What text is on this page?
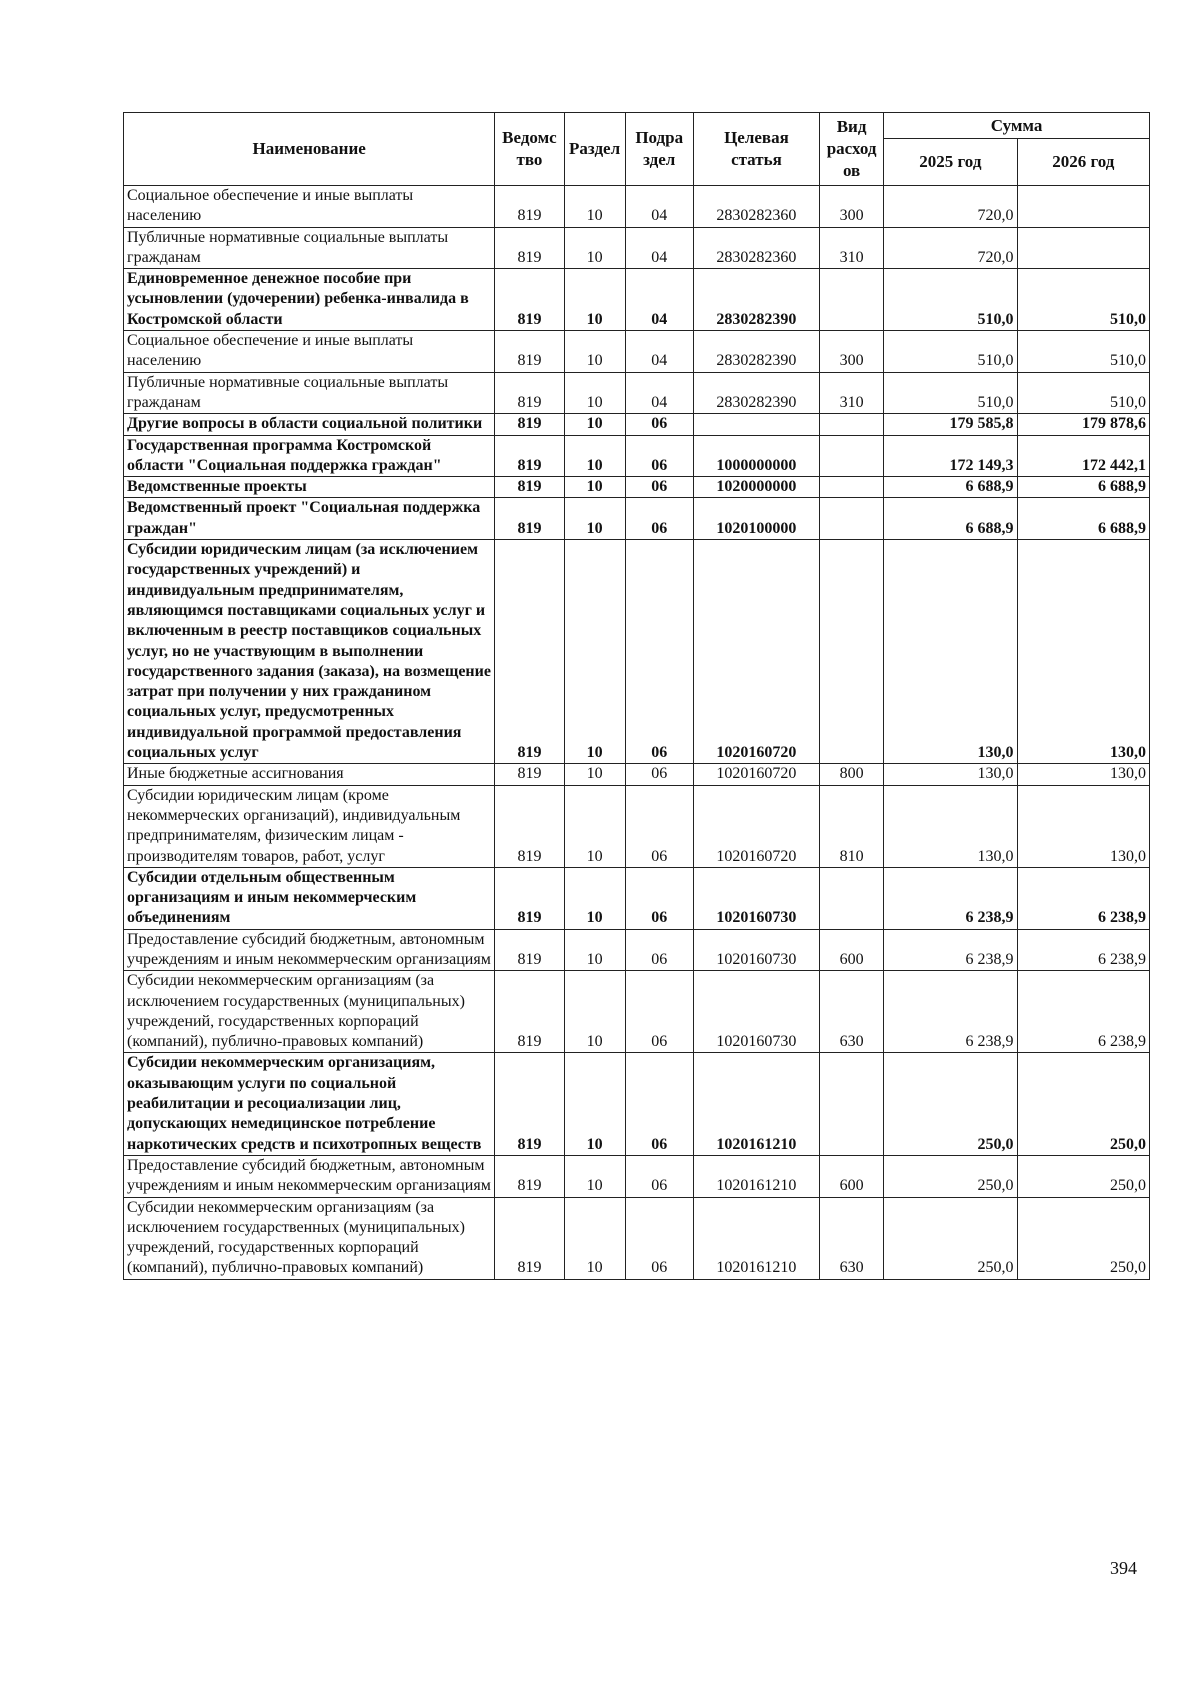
Наименование	Ведомс тво	Раздел	Подра здел	Целевая статья	Вид расход ов	Сумма	
						2025 год	2026 год
Социальное обеспечение и иные выплаты населению	819	10	04	2830282360	300	720,0	
Публичные нормативные социальные выплаты гражданам	819	10	04	2830282360	310	720,0	
Единовременное денежное пособие при усыновлении (удочерении) ребенка-инвалида в Костромской области	819	10	04	2830282390		510,0	510,0
Социальное обеспечение и иные выплаты населению	819	10	04	2830282390	300	510,0	510,0
Публичные нормативные социальные выплаты гражданам	819	10	04	2830282390	310	510,0	510,0
Другие вопросы в области социальной политики	819	10	06			179 585,8	179 878,6
Государственная программа Костромской области "Социальная поддержка граждан"	819	10	06	1000000000		172 149,3	172 442,1
Ведомственные проекты	819	10	06	1020000000		6 688,9	6 688,9
Ведомственный проект "Социальная поддержка граждан"	819	10	06	1020100000		6 688,9	6 688,9
Субсидии юридическим лицам (за исключением государственных учреждений) и индивидуальным предпринимателям, являющимся поставщиками социальных услуг и включенным в реестр поставщиков социальных услуг, но не участвующим в выполнении государственного задания (заказа), на возмещение затрат при получении у них гражданином социальных услуг, предусмотренных индивидуальной программой предоставления социальных услуг	819	10	06	1020160720		130,0	130,0
Иные бюджетные ассигнования	819	10	06	1020160720	800	130,0	130,0
Субсидии юридическим лицам (кроме некоммерческих организаций), индивидуальным предпринимателям, физическим лицам - производителям товаров, работ, услуг	819	10	06	1020160720	810	130,0	130,0
Субсидии отдельным общественным организациям и иным некоммерческим объединениям	819	10	06	1020160730		6 238,9	6 238,9
Предоставление субсидий бюджетным, автономным учреждениям и иным некоммерческим организациям	819	10	06	1020160730	600	6 238,9	6 238,9
Субсидии некоммерческим организациям (за исключением государственных (муниципальных) учреждений, государственных корпораций (компаний), публично-правовых компаний)	819	10	06	1020160730	630	6 238,9	6 238,9
Субсидии некоммерческим организациям, оказывающим услуги по социальной реабилитации и ресоциализации лиц, допускающих немедицинское потребление наркотических средств и психотропных веществ	819	10	06	1020161210		250,0	250,0
Предоставление субсидий бюджетным, автономным учреждениям и иным некоммерческим организациям	819	10	06	1020161210	600	250,0	250,0
Субсидии некоммерческим организациям (за исключением государственных (муниципальных) учреждений, государственных корпораций (компаний), публично-правовых компаний)	819	10	06	1020161210	630	250,0	250,0
394
